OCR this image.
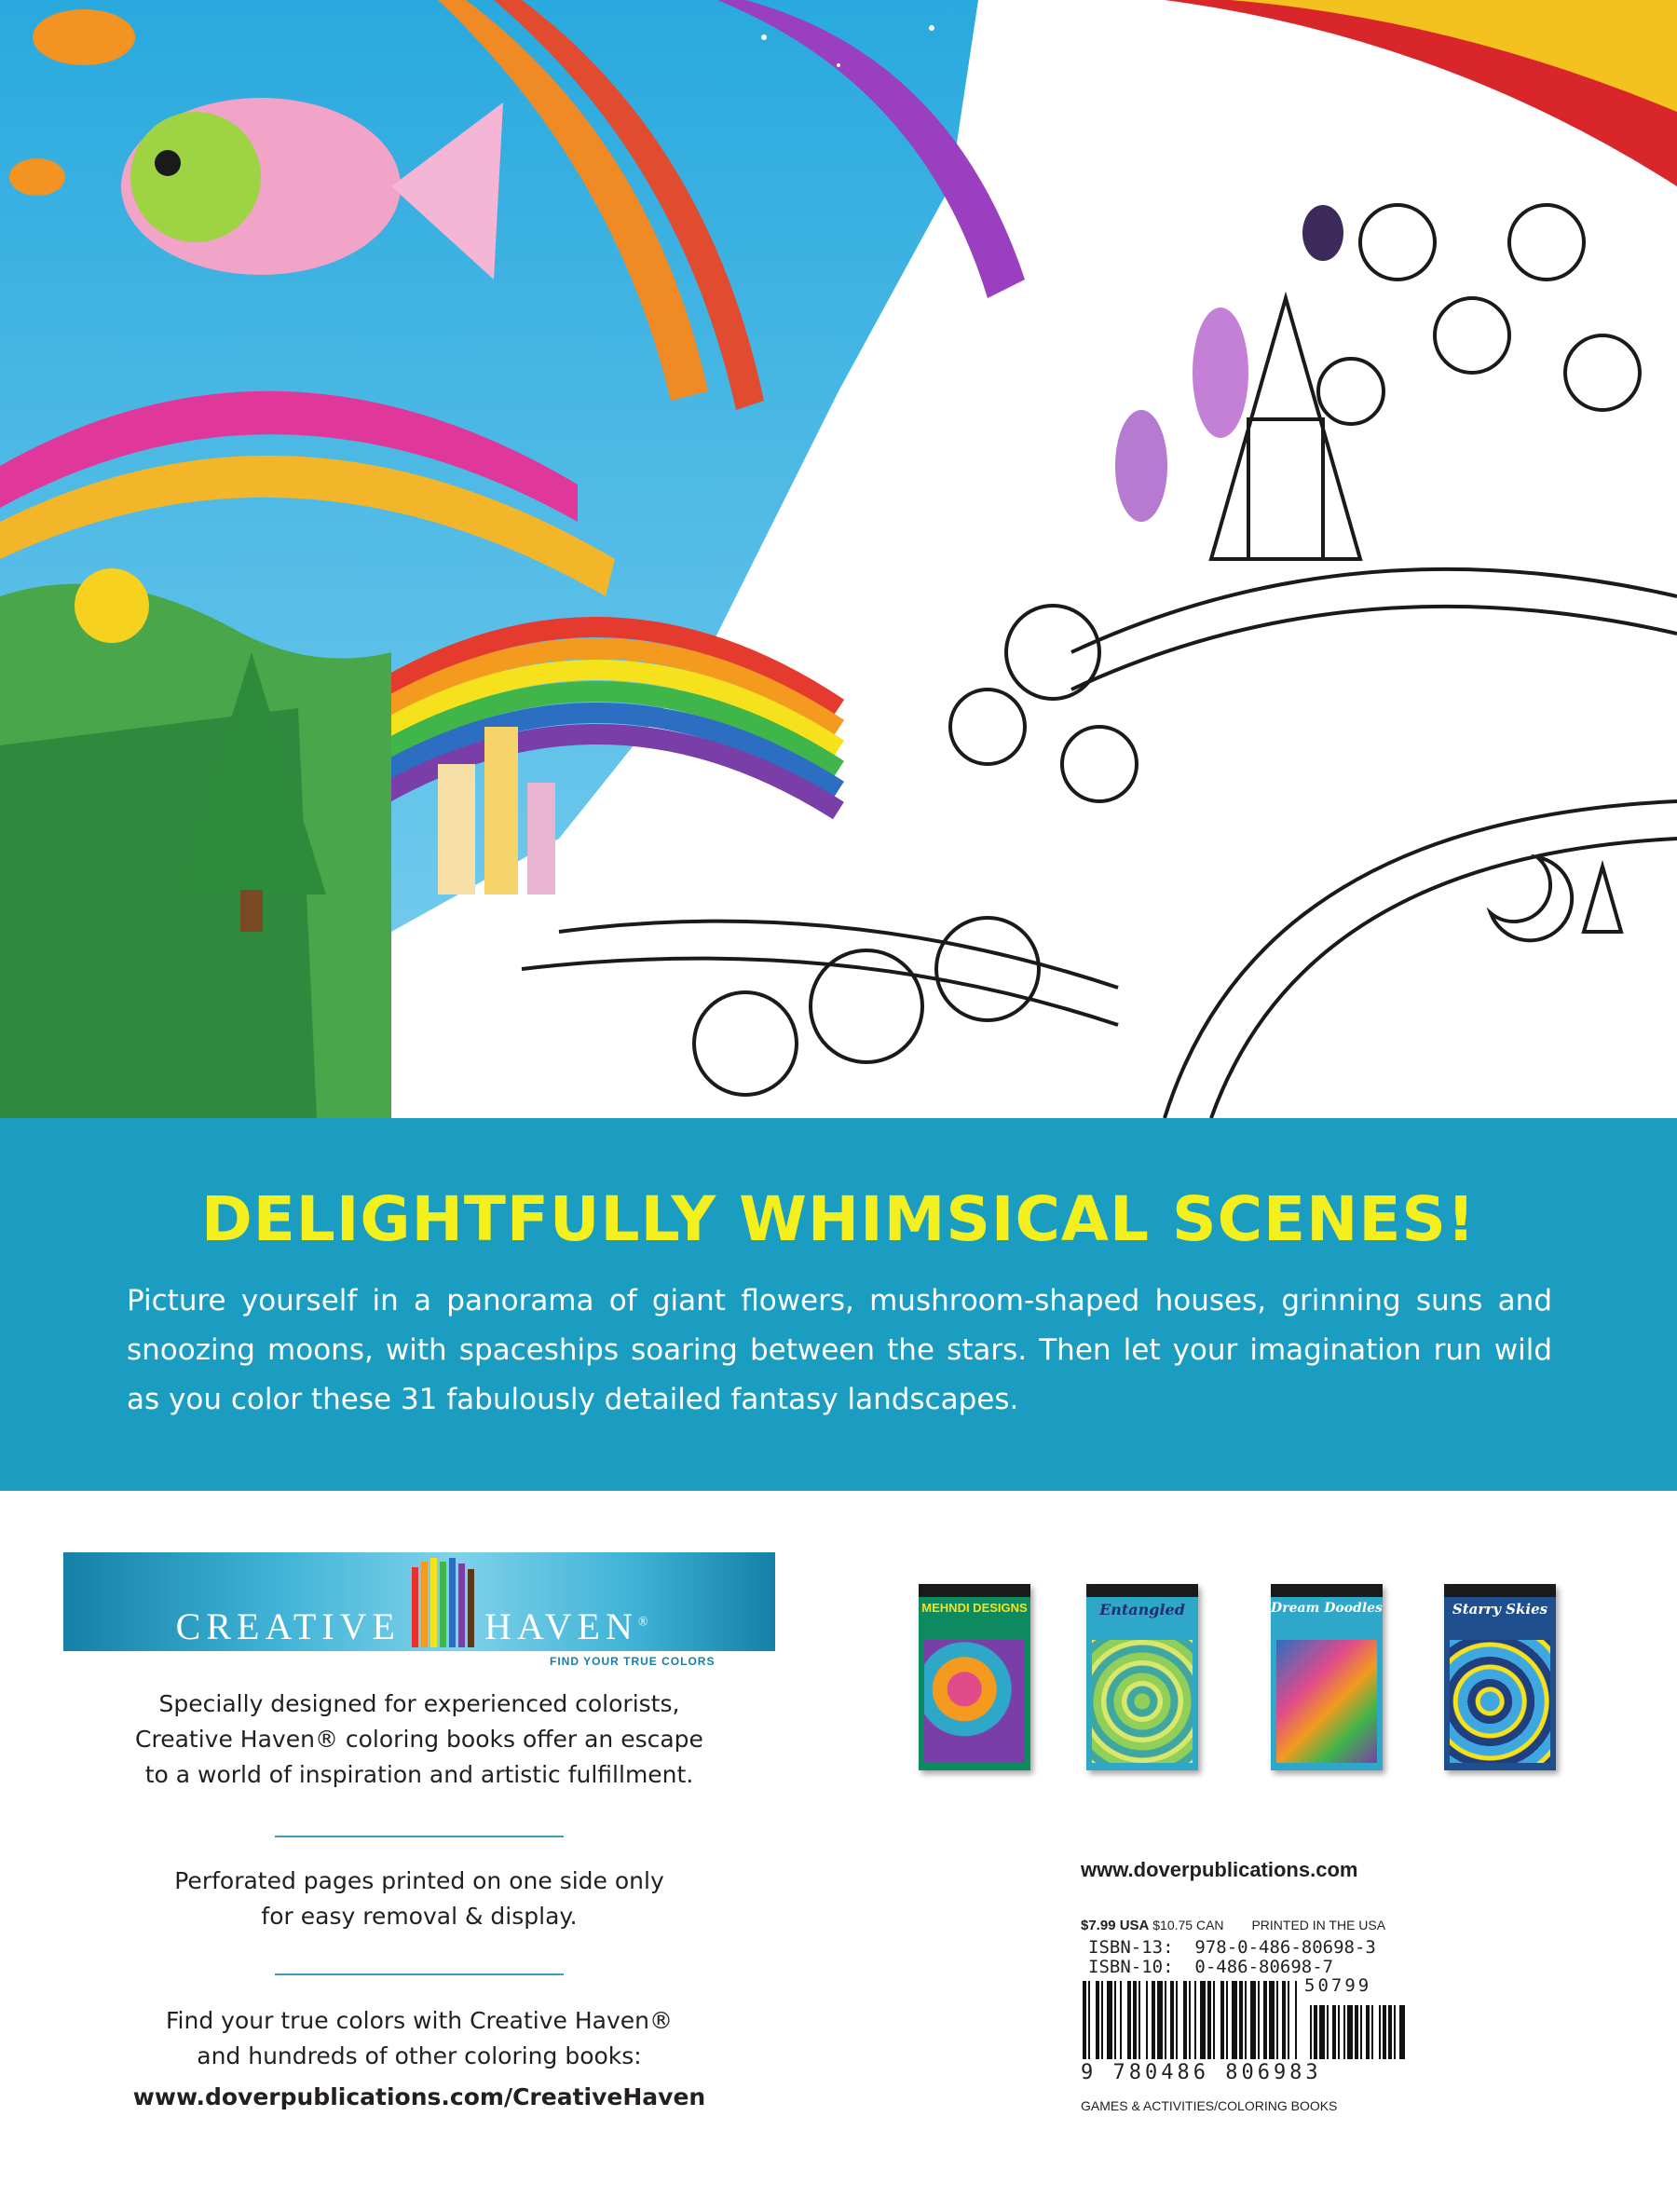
DELIGHTFULLY WHIMSICAL SCENES!
Picture yourself in a panorama of giant flowers, mushroom-shaped houses, grinning suns and snoozing moons, with spaceships soaring between the stars. Then let your imagination run wild as you color these 31 fabulously detailed fantasy landscapes.
CREATIVE HAVEN®
FIND YOUR TRUE COLORS
Specially designed for experienced colorists,
Creative Haven® coloring books offer an escape
to a world of inspiration and artistic fulfillment.
Perforated pages printed on one side only
for easy removal & display.
Find your true colors with Creative Haven®
and hundreds of other coloring books:
www.doverpublications.com/CreativeHaven
MEHNDI DESIGNS	Entangled	Dream Doodles	Starry Skies
www.doverpublications.com
$7.99 USA $10.75 CAN PRINTED IN THE USA
ISBN-13:  978-0-486-80698-3
ISBN-10:  0-486-80698-7
50799
9 780486 806983
GAMES & ACTIVITIES/COLORING BOOKS
